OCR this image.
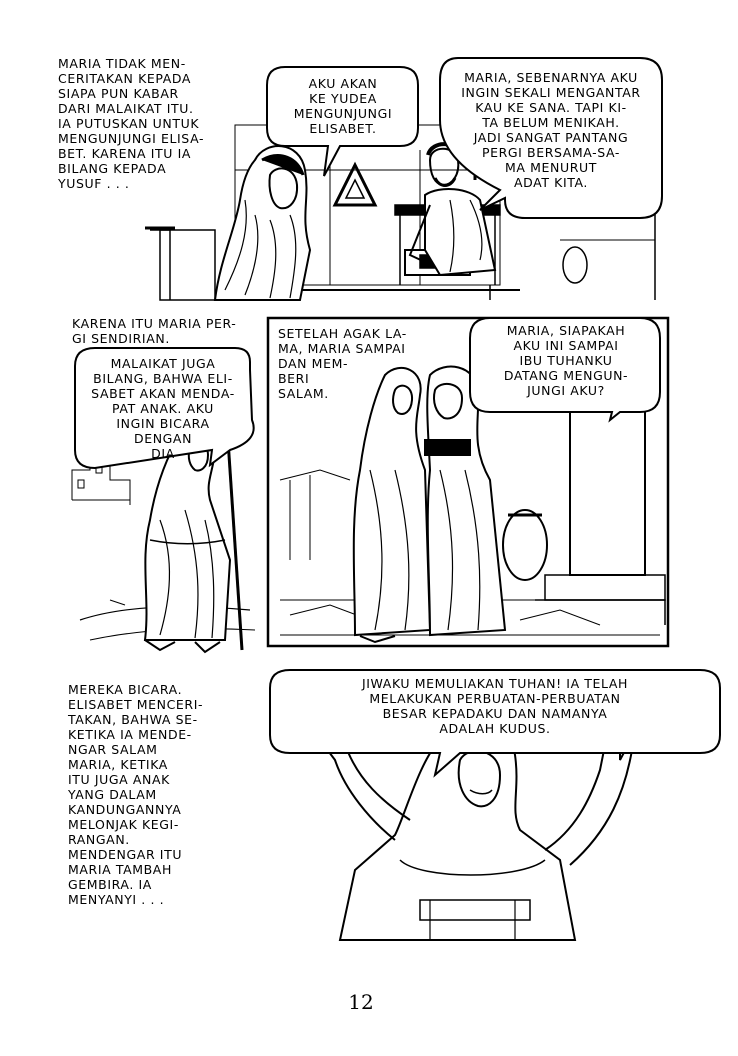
MARIA TIDAK MEN-
CERITAKAN KEPADA
SIAPA PUN KABAR
DARI MALAIKAT ITU.
IA PUTUSKAN UNTUK
MENGUNJUNGI ELISA-
BET. KARENA ITU IA
BILANG KEPADA
YUSUF . . .
AKU AKAN
KE YUDEA
MENGUNJUNGI
ELISABET.
MARIA, SEBENARNYA AKU
INGIN SEKALI MENGANTAR
KAU KE SANA. TAPI KI-
TA BELUM MENIKAH.
JADI SANGAT PANTANG
PERGI BERSAMA-SA-
MA MENURUT
ADAT KITA.
KARENA ITU MARIA PER-
GI SENDIRIAN.
MALAIKAT JUGA
BILANG, BAHWA ELI-
SABET AKAN MENDA-
PAT ANAK. AKU
INGIN BICARA
DENGAN
DIA
SETELAH AGAK LA-
MA, MARIA SAMPAI
DAN MEM-
BERI
SALAM.
MARIA, SIAPAKAH
AKU INI SAMPAI
IBU TUHANKU
DATANG MENGUN-
JUNGI AKU?
MEREKA BICARA.
ELISABET MENCERI-
TAKAN, BAHWA SE-
KETIKA IA MENDE-
NGAR SALAM
MARIA, KETIKA
ITU JUGA ANAK
YANG DALAM
KANDUNGANNYA
MELONJAK KEGI-
RANGAN.
MENDENGAR ITU
MARIA TAMBAH
GEMBIRA. IA
MENYANYI . . .
JIWAKU MEMULIAKAN TUHAN! IA TELAH
MELAKUKAN PERBUATAN-PERBUATAN
BESAR KEPADAKU DAN NAMANYA
ADALAH KUDUS.
12
